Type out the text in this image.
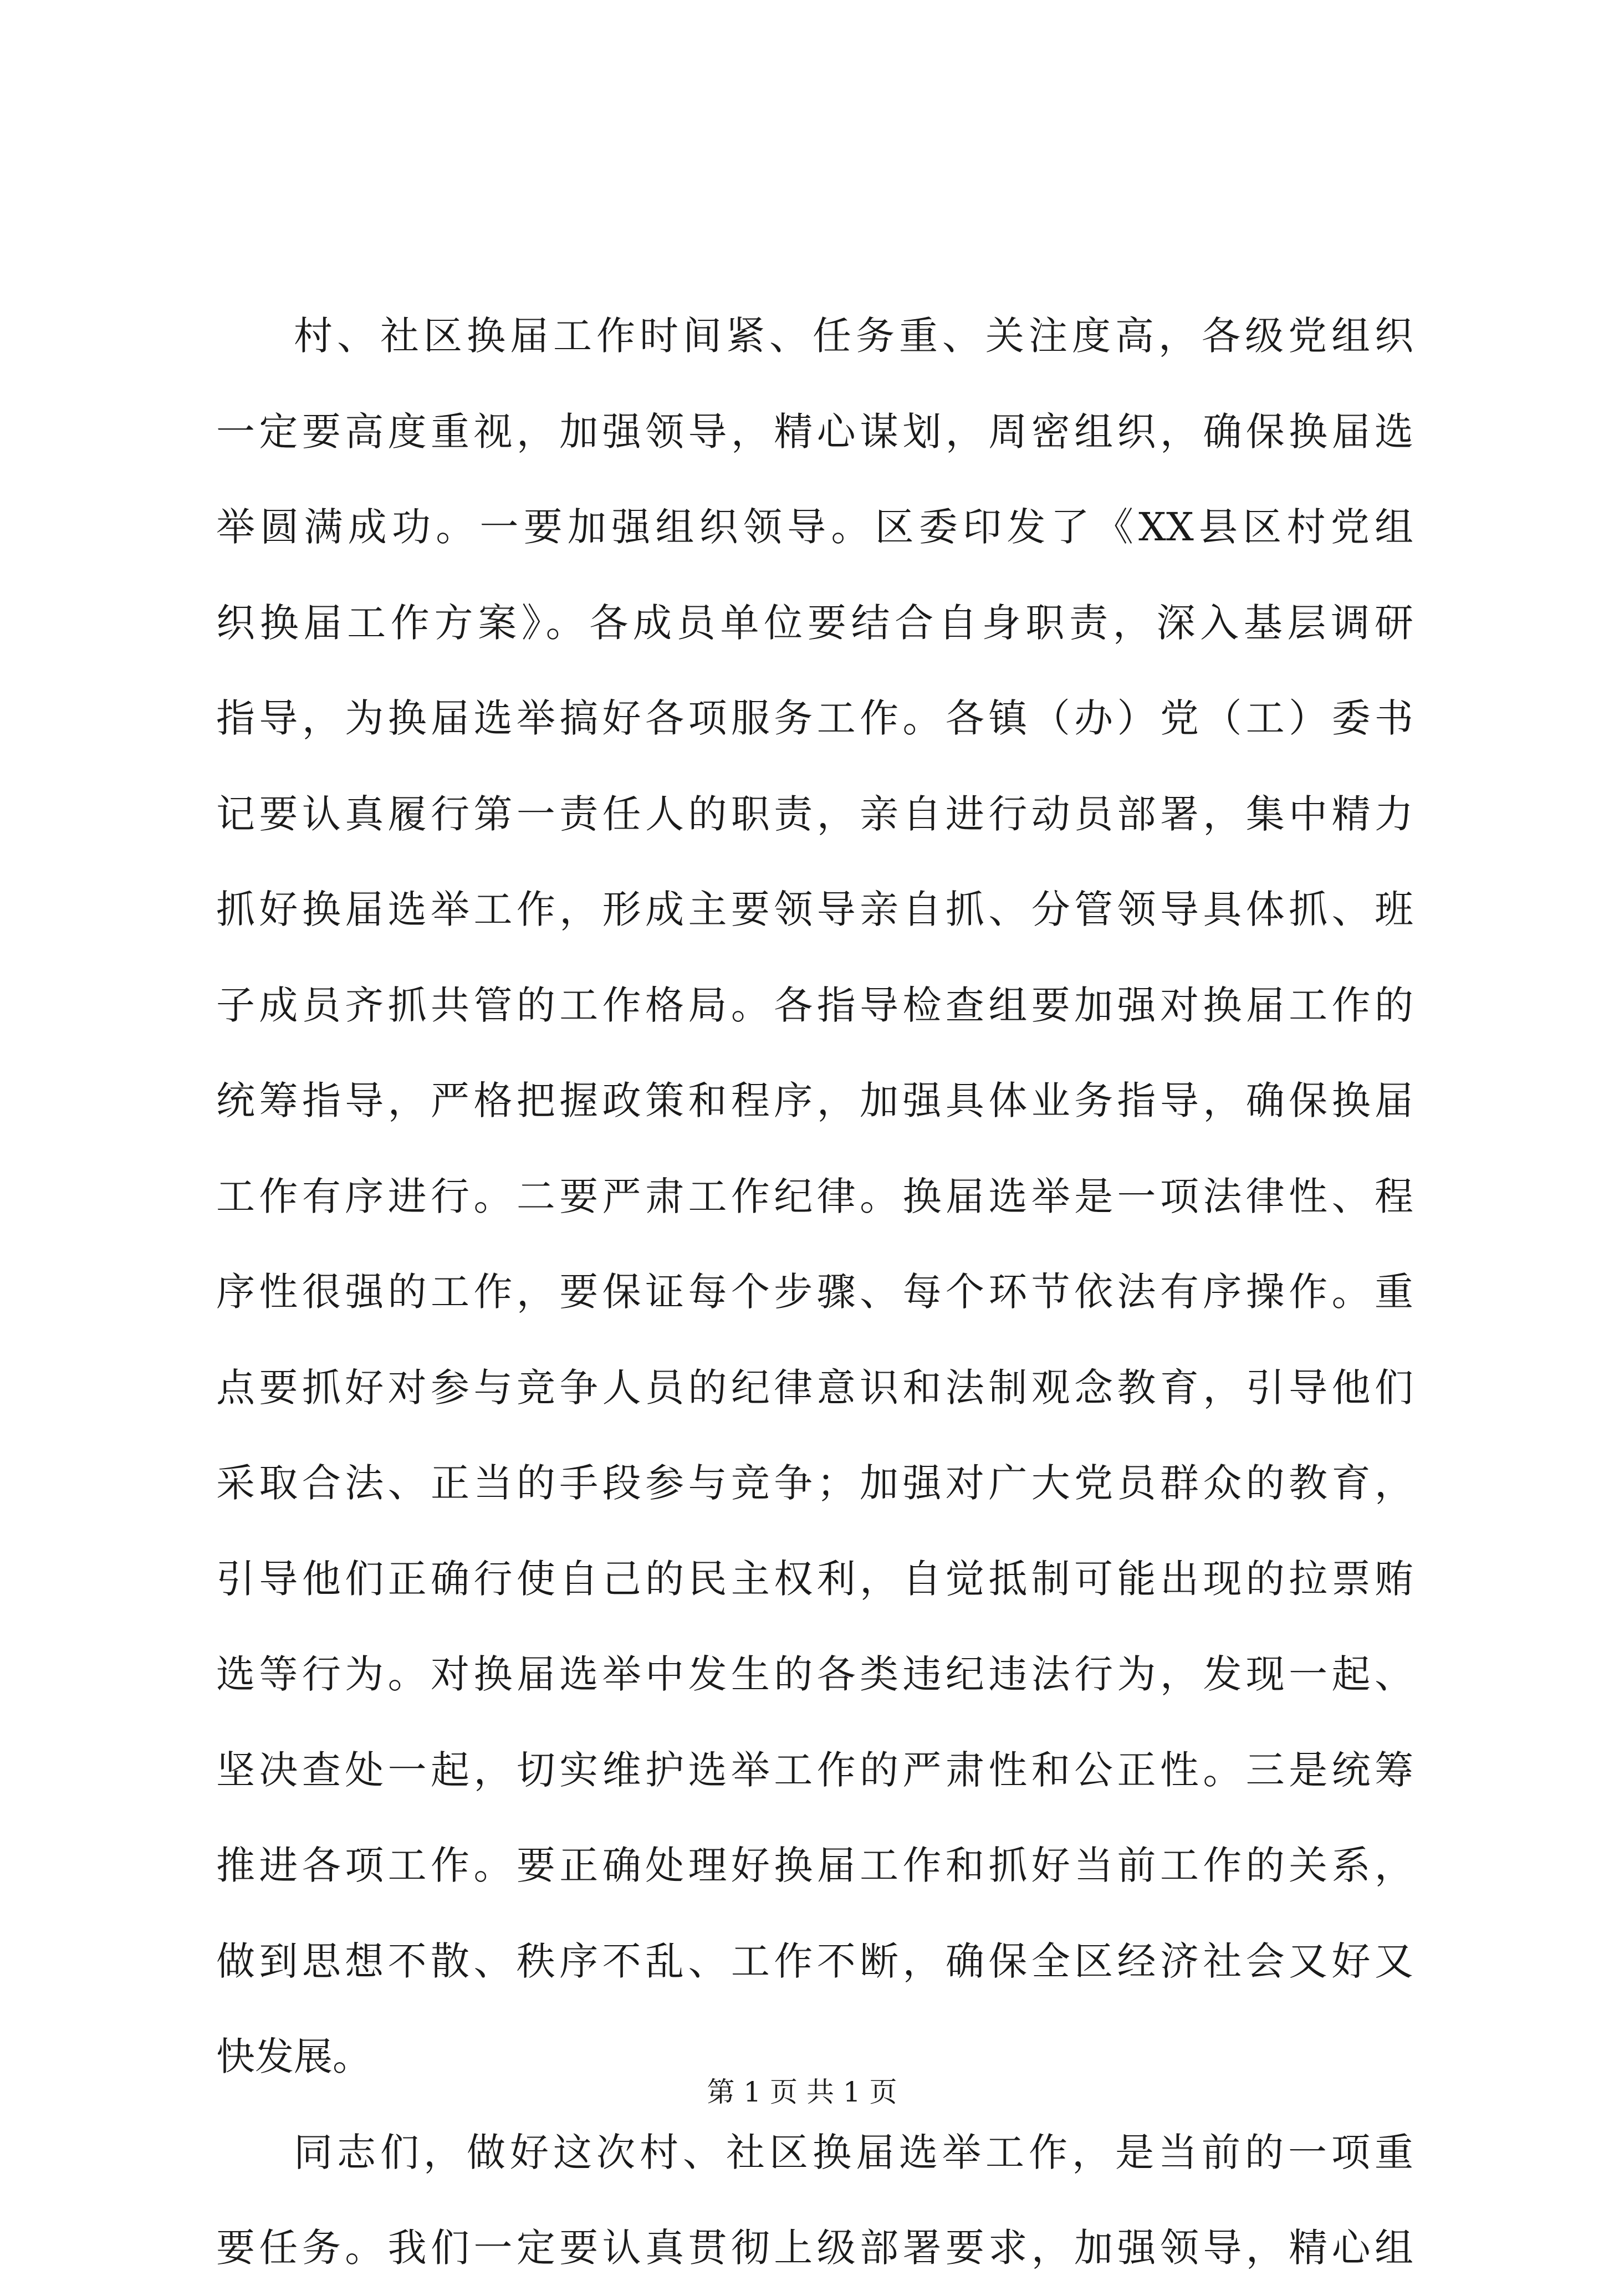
村、社区换届工作时间紧、任务重、关注度高，各级党组织
一定要高度重视，加强领导，精心谋划，周密组织，确保换届选
举圆满成功。一要加强组织领导。区委印发了《XX县区村党组
织换届工作方案》。各成员单位要结合自身职责，深入基层调研
指导，为换届选举搞好各项服务工作。各镇（办）党（工）委书
记要认真履行第一责任人的职责，亲自进行动员部署，集中精力
抓好换届选举工作，形成主要领导亲自抓、分管领导具体抓、班
子成员齐抓共管的工作格局。各指导检查组要加强对换届工作的
统筹指导，严格把握政策和程序，加强具体业务指导，确保换届
工作有序进行。二要严肃工作纪律。换届选举是一项法律性、程
序性很强的工作，要保证每个步骤、每个环节依法有序操作。重
点要抓好对参与竞争人员的纪律意识和法制观念教育，引导他们
采取合法、正当的手段参与竞争；加强对广大党员群众的教育，
引导他们正确行使自己的民主权利，自觉抵制可能出现的拉票贿
选等行为。对换届选举中发生的各类违纪违法行为，发现一起、
坚决查处一起，切实维护选举工作的严肃性和公正性。三是统筹
推进各项工作。要正确处理好换届工作和抓好当前工作的关系，
做到思想不散、秩序不乱、工作不断，确保全区经济社会又好又
快发展。
同志们，做好这次村、社区换届选举工作，是当前的一项重
要任务。我们一定要认真贯彻上级部署要求，加强领导，精心组
第 1 页 共 1 页
